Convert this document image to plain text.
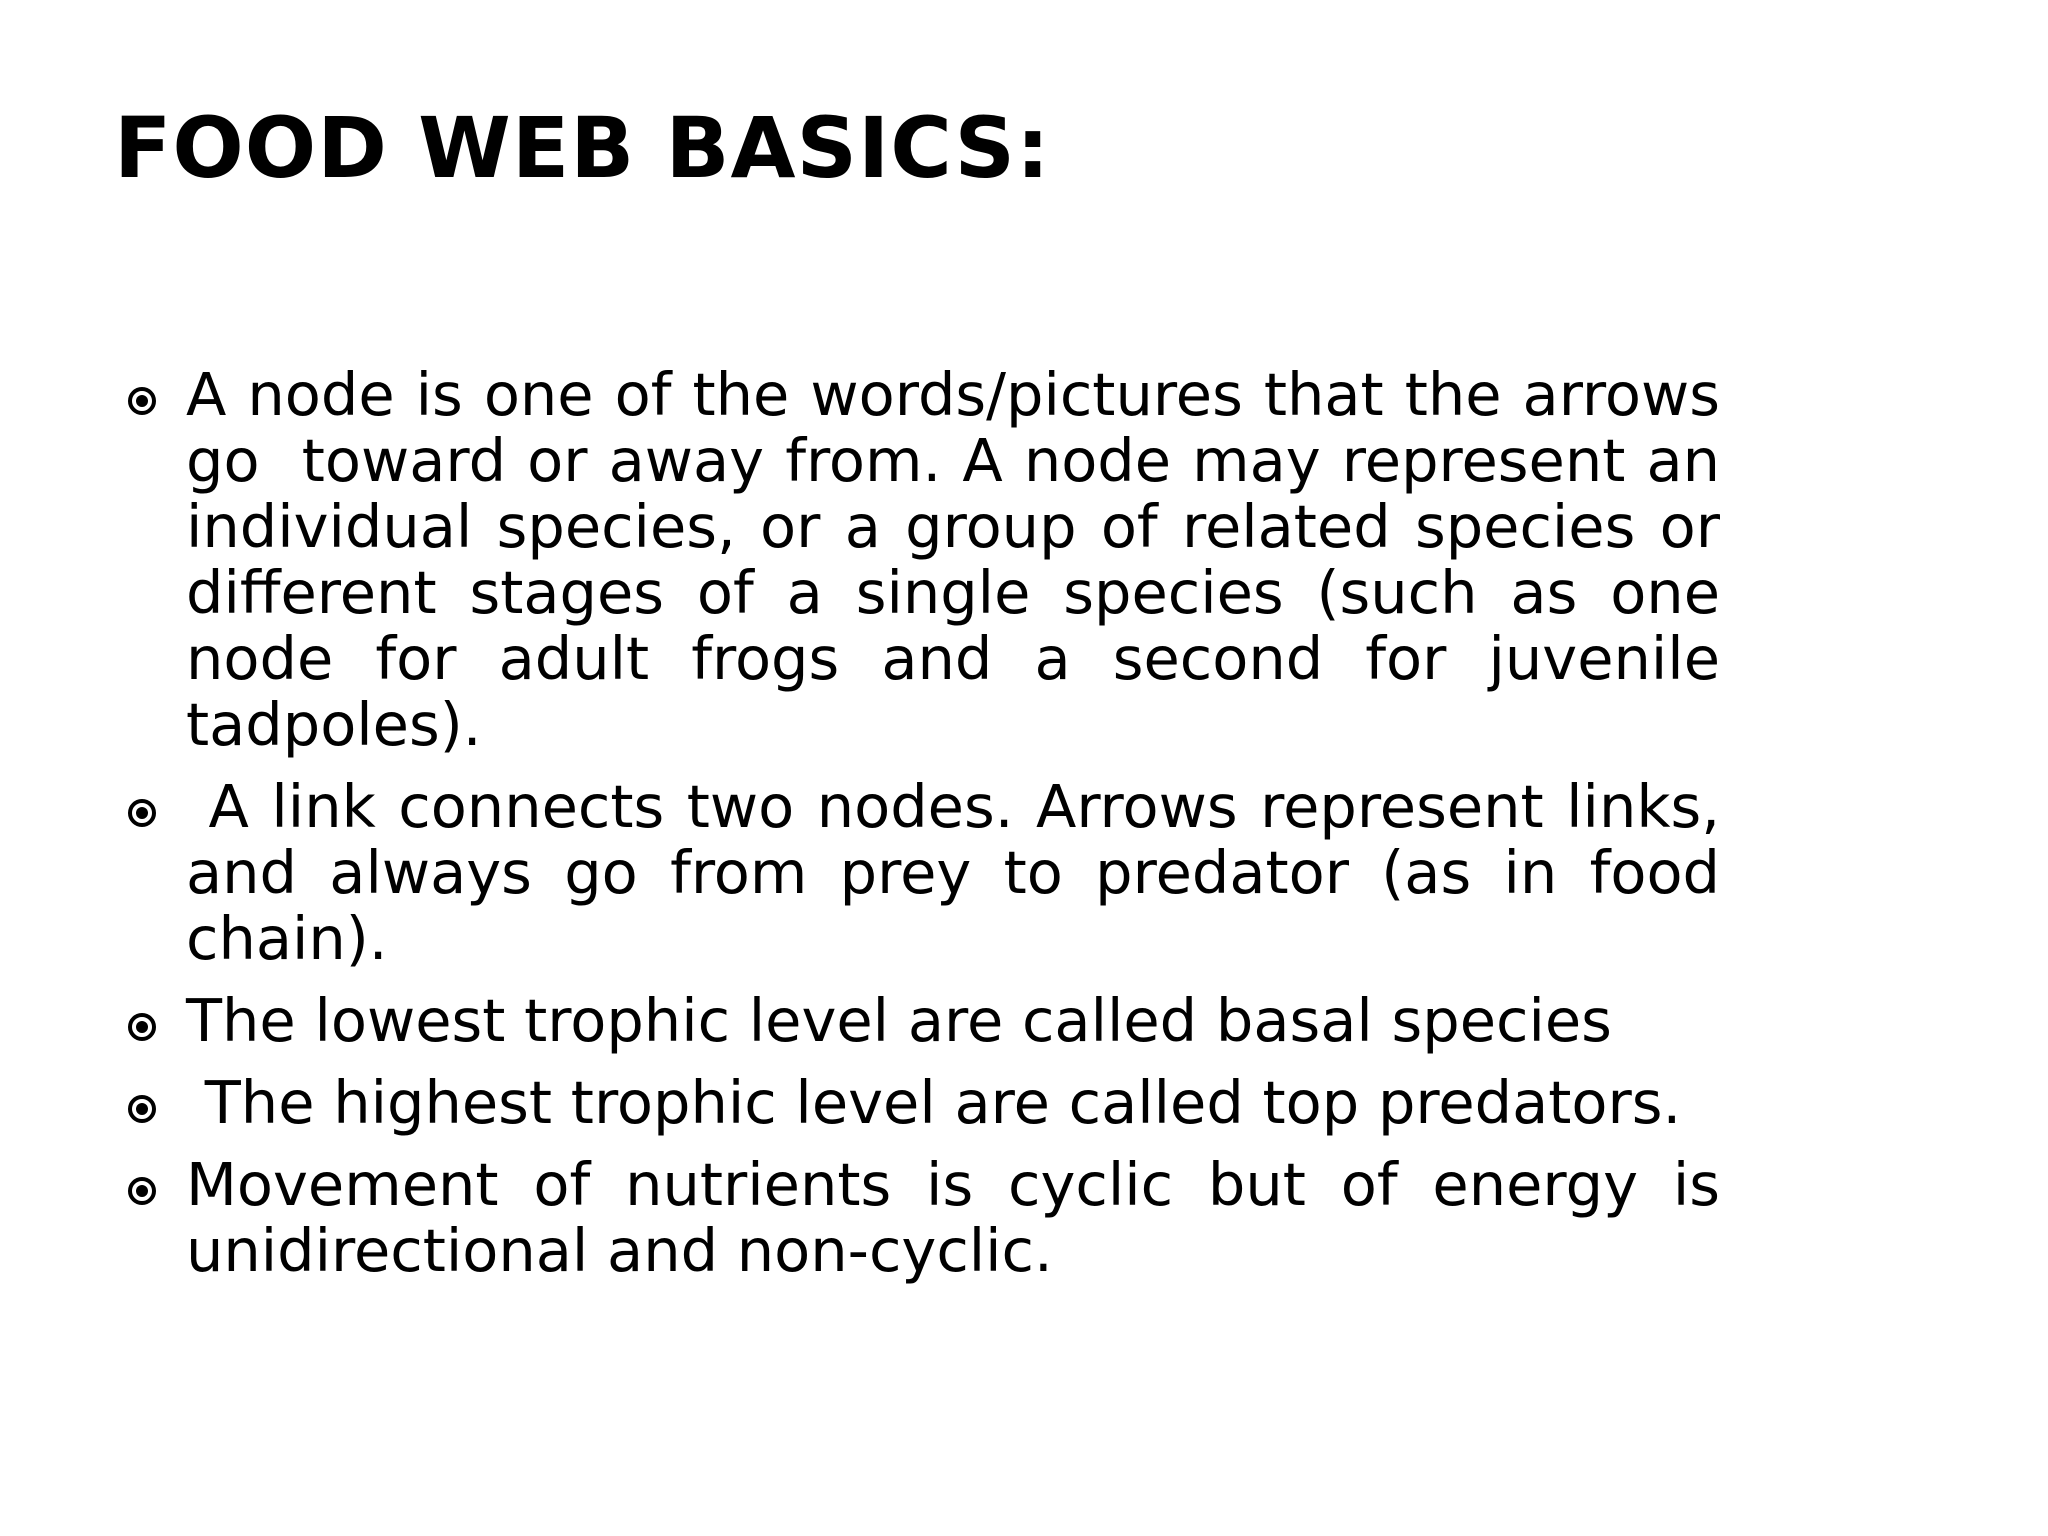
FOOD WEB BASICS:
A node is one of the words/pictures that the arrows go  toward or away from. A node may represent an individual species, or a group of related species or different stages of a single species (such as one node for adult frogs and a second for juvenile tadpoles).
A link connects two nodes. Arrows represent links, and always go from prey to predator (as in food chain).
The lowest trophic level are called basal species
The highest trophic level are called top predators.
Movement of nutrients is cyclic but of energy is unidirectional and non-cyclic.
